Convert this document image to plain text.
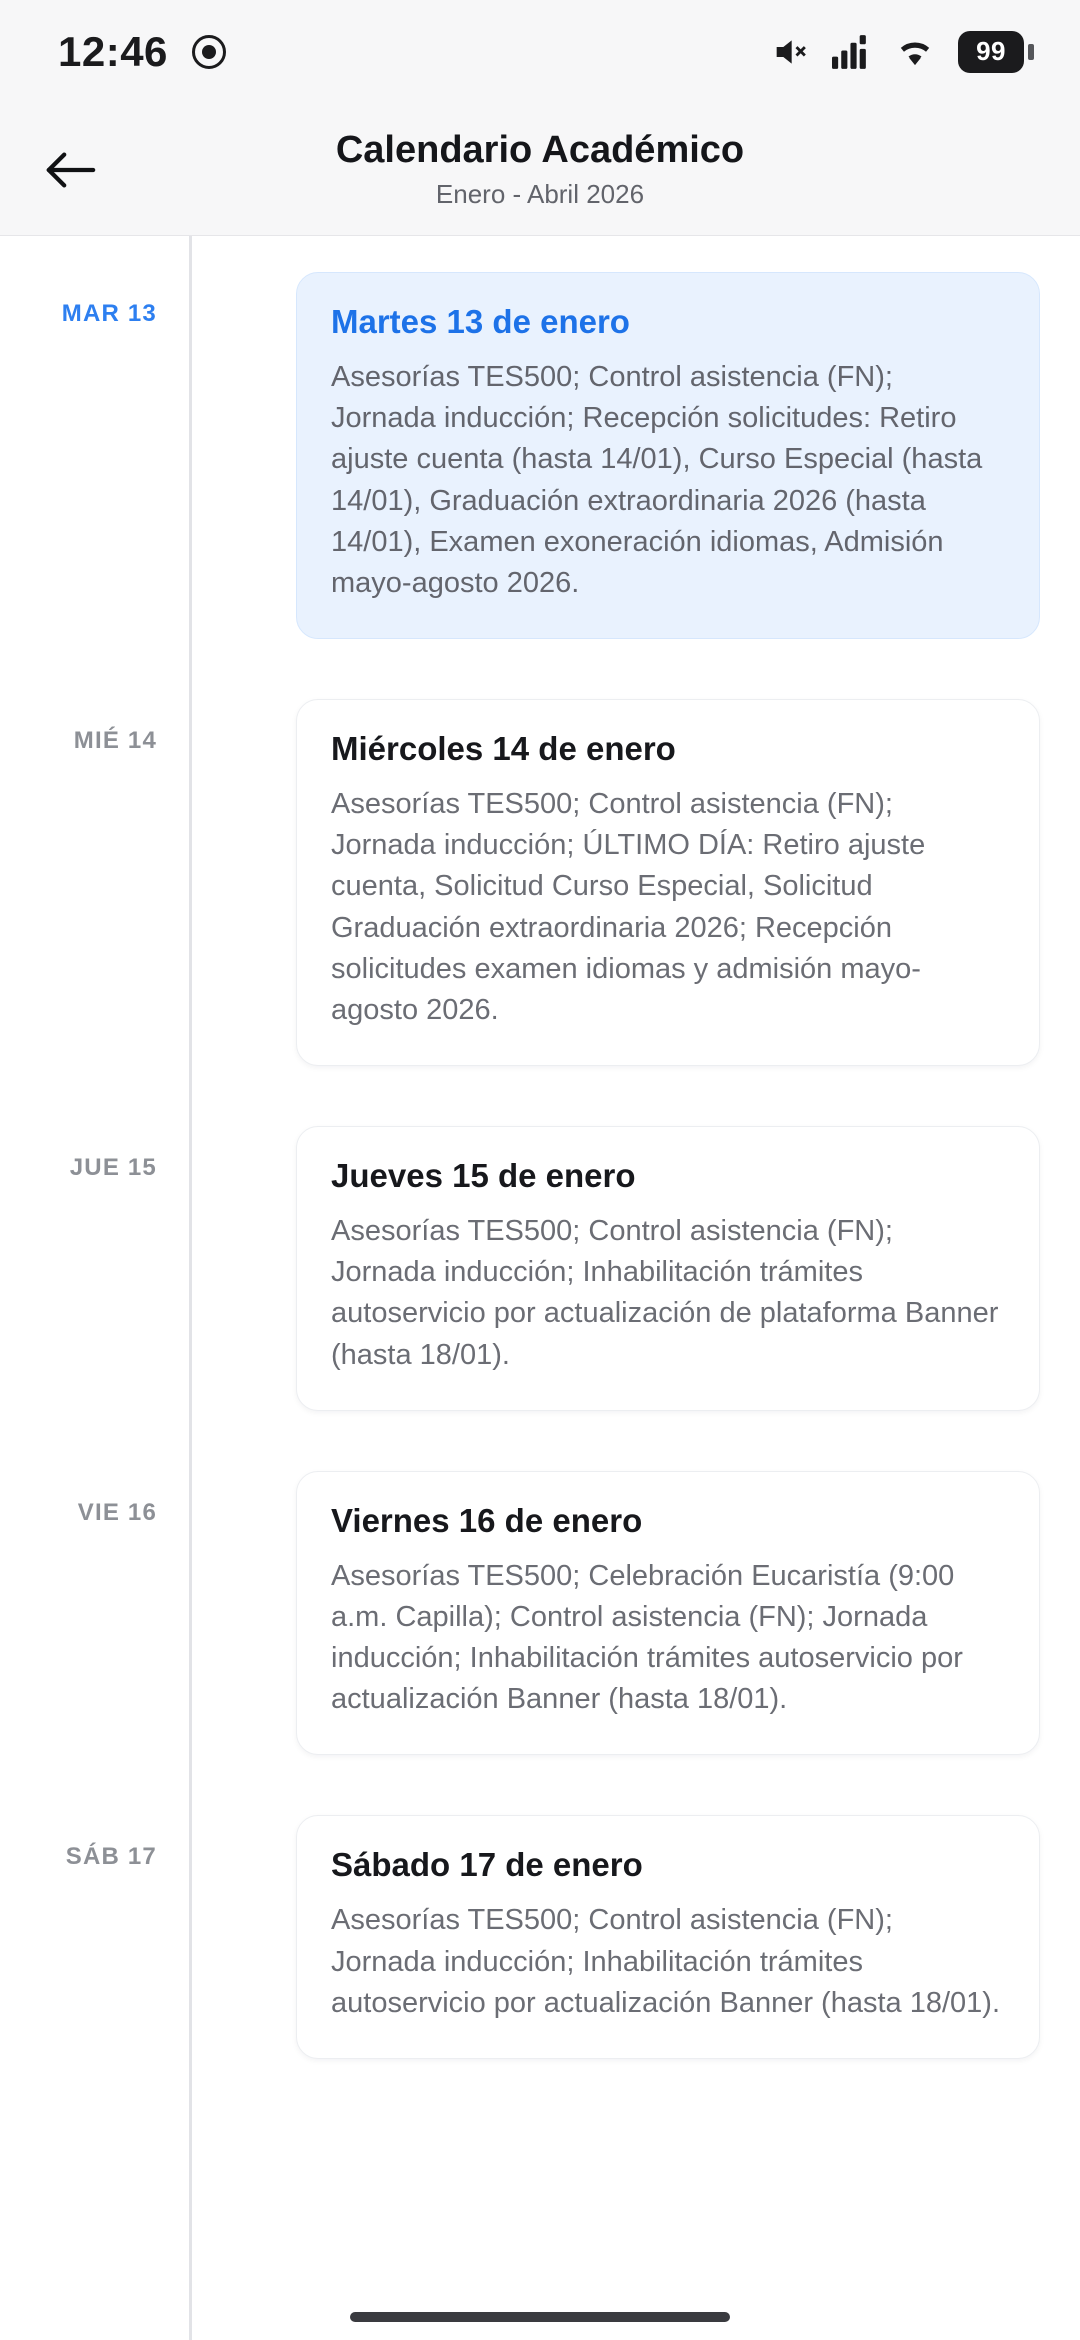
12:46	99
Calendario Académico
Enero - Abril 2026
MAR 13	Martes 13 de enero
Asesorías TES500; Control asistencia (FN); Jornada inducción; Recepción solicitudes: Retiro ajuste cuenta (hasta 14/01), Curso Especial (hasta 14/01), Graduación extraordinaria 2026 (hasta 14/01), Examen exoneración idiomas, Admisión mayo-agosto 2026.
MIÉ 14	Miércoles 14 de enero
Asesorías TES500; Control asistencia (FN); Jornada inducción; ÚLTIMO DÍA: Retiro ajuste cuenta, Solicitud Curso Especial, Solicitud Graduación extraordinaria 2026; Recepción solicitudes examen idiomas y admisión mayo-agosto 2026.
JUE 15	Jueves 15 de enero
Asesorías TES500; Control asistencia (FN); Jornada inducción; Inhabilitación trámites autoservicio por actualización de plataforma Banner (hasta 18/01).
VIE 16	Viernes 16 de enero
Asesorías TES500; Celebración Eucaristía (9:00 a.m. Capilla); Control asistencia (FN); Jornada inducción; Inhabilitación trámites autoservicio por actualización Banner (hasta 18/01).
SÁB 17	Sábado 17 de enero
Asesorías TES500; Control asistencia (FN); Jornada inducción; Inhabilitación trámites autoservicio por actualización Banner (hasta 18/01).
